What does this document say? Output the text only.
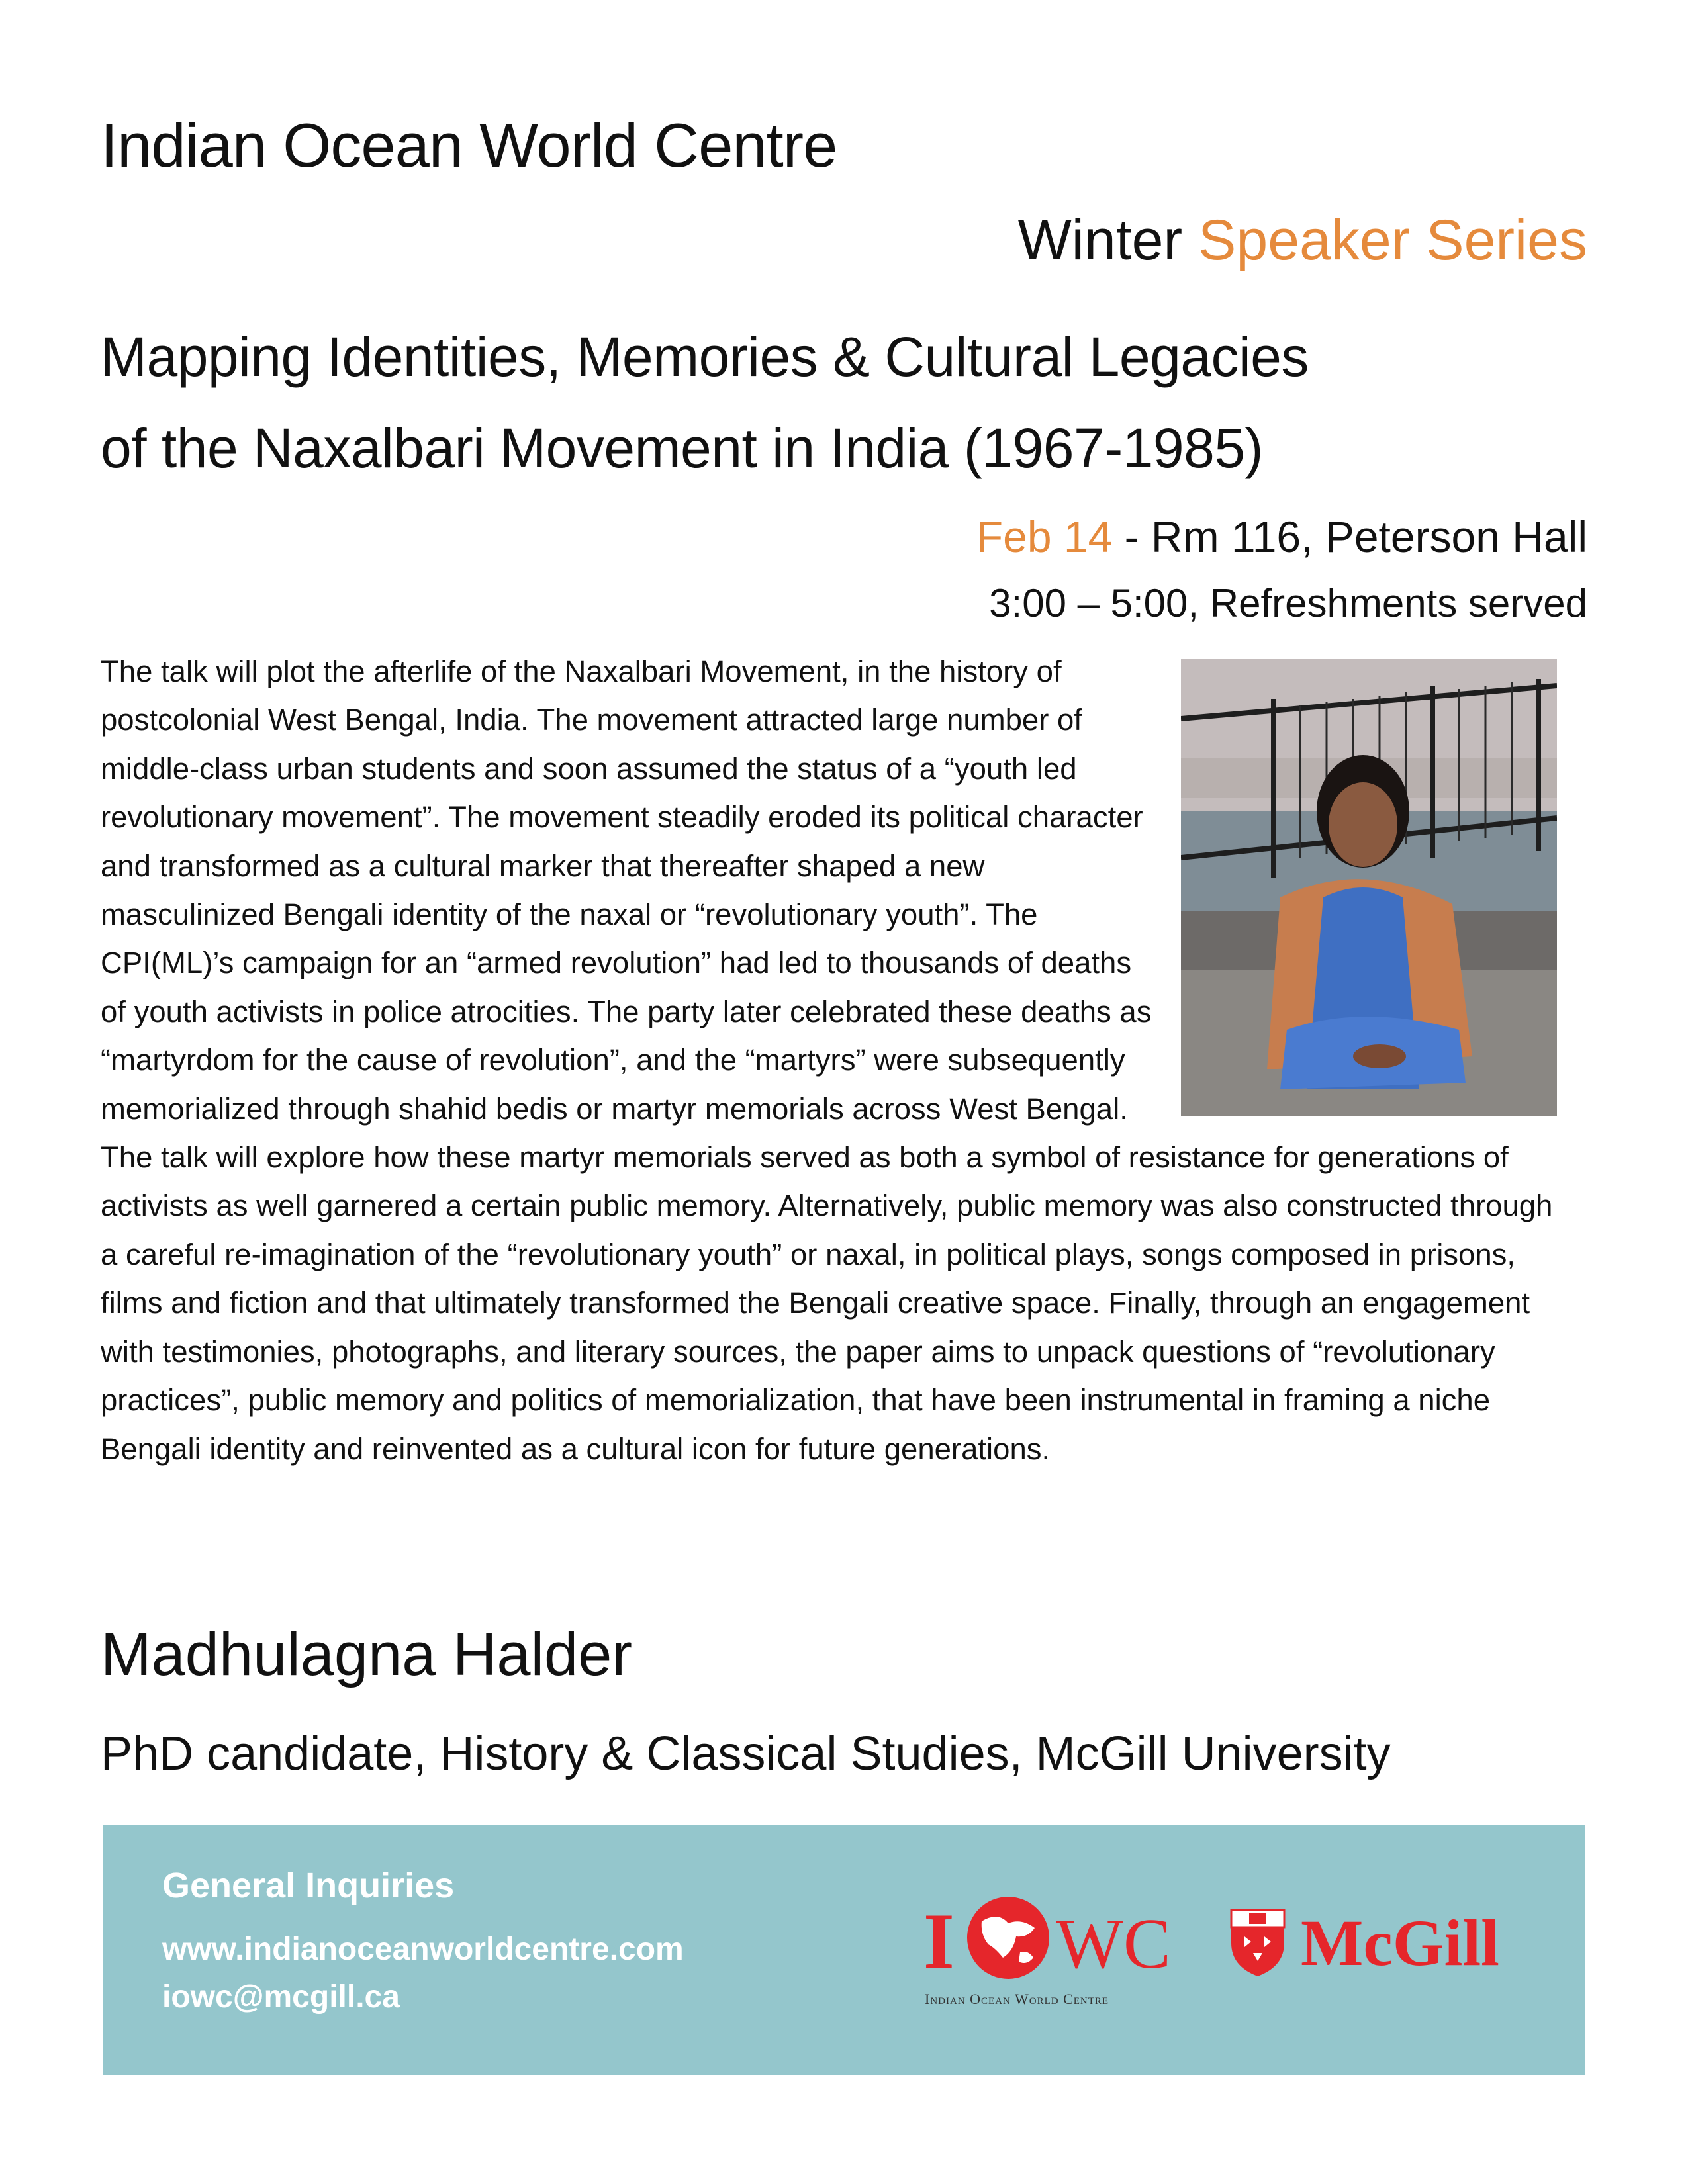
Indian Ocean World Centre
Winter Speaker Series
Mapping Identities, Memories & Cultural Legacies
of the Naxalbari Movement in India (1967-1985)
Feb 14 - Rm 116, Peterson Hall
3:00 – 5:00, Refreshments served
The talk will plot the afterlife of the Naxalbari Movement, in the history of postcolonial West Bengal, India. The movement attracted large number of middle-class urban students and soon assumed the status of a “youth led revolutionary movement”. The movement steadily eroded its political character and transformed as a cultural marker that thereafter shaped a new masculinized Bengali identity of the naxal or “revolutionary youth”. The CPI(ML)’s campaign for an “armed revolution” had led to thousands of deaths of youth activists in police atrocities. The party later celebrated these deaths as “martyrdom for the cause of revolution”, and the “martyrs” were subsequently memorialized through shahid bedis or martyr memorials across West Bengal. The talk will explore how these martyr memorials served as both a symbol of resistance for generations of activists as well garnered a certain public memory. Alternatively, public memory was also constructed through a careful re-imagination of the “revolutionary youth” or naxal, in political plays, songs composed in prisons, films and fiction and that ultimately transformed the Bengali creative space. Finally, through an engagement with testimonies, photographs, and literary sources, the paper aims to unpack questions of “revolutionary practices”, public memory and politics of memorialization, that have been instrumental in framing a niche Bengali identity and reinvented as a cultural icon for future generations.
Madhulagna Halder
PhD candidate, History & Classical Studies, McGill University
General Inquiries
www.indianoceanworldcentre.com
iowc@mcgill.ca
I WC
Indian Ocean World Centre
McGill
